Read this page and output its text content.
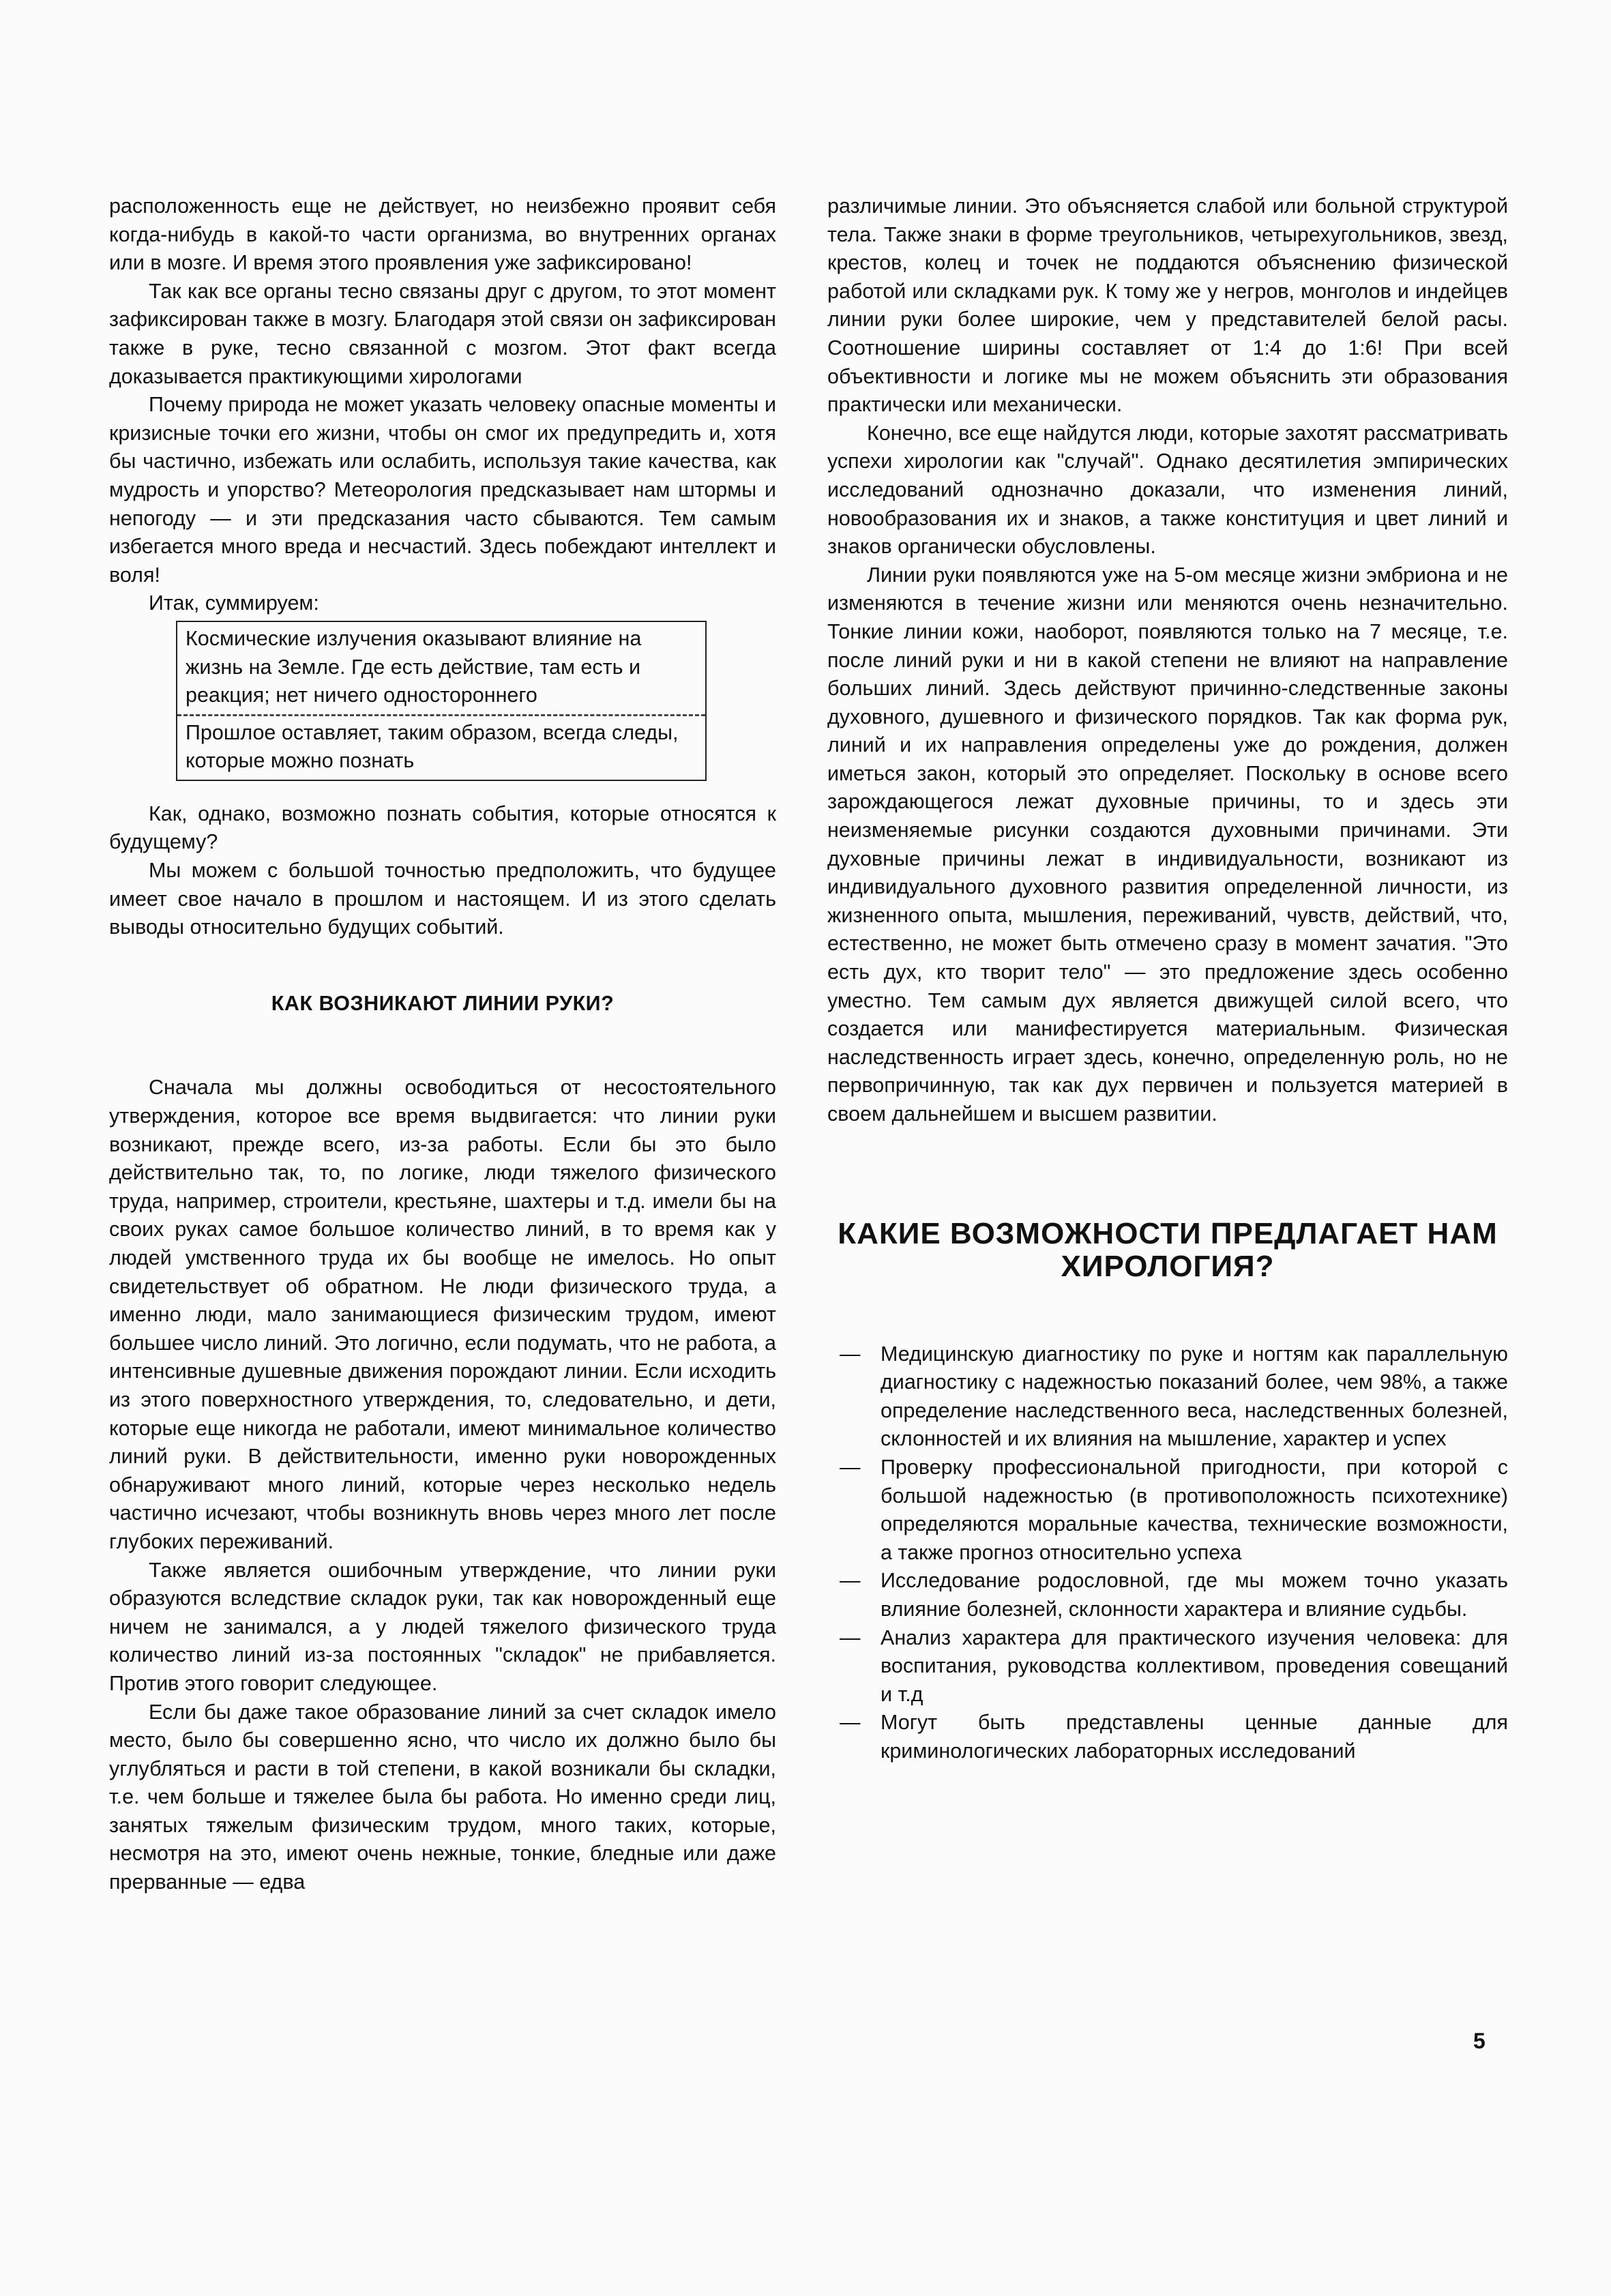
расположенность еще не действует, но неизбежно проявит себя когда-нибудь в какой-то части организма, во внутренних органах или в мозге. И время этого проявления уже зафиксировано!

Так как все органы тесно связаны друг с другом, то этот момент зафиксирован также в мозгу. Благодаря этой связи он зафиксирован также в руке, тесно связанной с мозгом. Этот факт всегда доказывается практикующими хирологами

Почему природа не может указать человеку опасные моменты и кризисные точки его жизни, чтобы он смог их предупредить и, хотя бы частично, избежать или ослабить, используя такие качества, как мудрость и упорство? Метеорология предсказывает нам штормы и непогоду — и эти предсказания часто сбываются. Тем самым избегается много вреда и несчастий. Здесь побеждают интеллект и воля!

Итак, суммируем:

Космические излучения оказывают влияние на жизнь на Земле. Где есть действие, там есть и реакция; нет ничего одностороннего
Прошлое оставляет, таким образом, всегда следы, которые можно познать

Как, однако, возможно познать события, которые относятся к будущему?

Мы можем с большой точностью предположить, что будущее имеет свое начало в прошлом и настоящем. И из этого сделать выводы относительно будущих событий.

КАК ВОЗНИКАЮТ ЛИНИИ РУКИ?

Сначала мы должны освободиться от несостоятельного утверждения, которое все время выдвигается: что линии руки возникают, прежде всего, из-за работы. Если бы это было действительно так, то, по логике, люди тяжелого физического труда, например, строители, крестьяне, шахтеры и т.д. имели бы на своих руках самое большое количество линий, в то время как у людей умственного труда их бы вообще не имелось. Но опыт свидетельствует об обратном. Не люди физического труда, а именно люди, мало занимающиеся физическим трудом, имеют большее число линий. Это логично, если подумать, что не работа, а интенсивные душевные движения порождают линии. Если исходить из этого поверхностного утверждения, то, следовательно, и дети, которые еще никогда не работали, имеют минимальное количество линий руки. В действительности, именно руки новорожденных обнаруживают много линий, которые через несколько недель частично исчезают, чтобы возникнуть вновь через много лет после глубоких переживаний.

Также является ошибочным утверждение, что линии руки образуются вследствие складок руки, так как новорожденный еще ничем не занимался, а у людей тяжелого физического труда количество линий из-за постоянных "складок" не прибавляется. Против этого говорит следующее.

Если бы даже такое образование линий за счет складок имело место, было бы совершенно ясно, что число их должно было бы углубляться и расти в той степени, в какой возникали бы складки, т.е. чем больше и тяжелее была бы работа. Но именно среди лиц, занятых тяжелым физическим трудом, много таких, которые, несмотря на это, имеют очень нежные, тонкие, бледные или даже прерванные — едва

различимые линии. Это объясняется слабой или больной структурой тела. Также знаки в форме треугольников, четырехугольников, звезд, крестов, колец и точек не поддаются объяснению физической работой или складками рук. К тому же у негров, монголов и индейцев линии руки более широкие, чем у представителей белой расы. Соотношение ширины составляет от 1:4 до 1:6! При всей объективности и логике мы не можем объяснить эти образования практически или механически.

Конечно, все еще найдутся люди, которые захотят рассматривать успехи хирологии как "случай". Однако десятилетия эмпирических исследований однозначно доказали, что изменения линий, новообразования их и знаков, а также конституция и цвет линий и знаков органически обусловлены.

Линии руки появляются уже на 5-ом месяце жизни эмбриона и не изменяются в течение жизни или меняются очень незначительно. Тонкие линии кожи, наоборот, появляются только на 7 месяце, т.е. после линий руки и ни в какой степени не влияют на направление больших линий. Здесь действуют причинно-следственные законы духовного, душевного и физического порядков. Так как форма рук, линий и их направления определены уже до рождения, должен иметься закон, который это определяет. Поскольку в основе всего зарождающегося лежат духовные причины, то и здесь эти неизменяемые рисунки создаются духовными причинами. Эти духовные причины лежат в индивидуальности, возникают из индивидуального духовного развития определенной личности, из жизненного опыта, мышления, переживаний, чувств, действий, что, естественно, не может быть отмечено сразу в момент зачатия. "Это есть дух, кто творит тело" — это предложение здесь особенно уместно. Тем самым дух является движущей силой всего, что создается или манифестируется материальным. Физическая наследственность играет здесь, конечно, определенную роль, но не первопричинную, так как дух первичен и пользуется материей в своем дальнейшем и высшем развитии.

КАКИЕ ВОЗМОЖНОСТИ ПРЕДЛАГАЕТ НАМ ХИРОЛОГИЯ?
— Медицинскую диагностику по руке и ногтям как параллельную диагностику с надежностью показаний более, чем 98%, а также определение наследственного веса, наследственных болезней, склонностей и их влияния на мышление, характер и успех
— Проверку профессиональной пригодности, при которой с большой надежностью (в противоположность психотехнике) определяются моральные качества, технические возможности, а также прогноз относительно успеха
— Исследование родословной, где мы можем точно указать влияние болезней, склонности характера и влияние судьбы.
— Анализ характера для практического изучения человека: для воспитания, руководства коллективом, проведения совещаний и т.д
— Могут быть представлены ценные данные для криминологических лабораторных исследований
5
